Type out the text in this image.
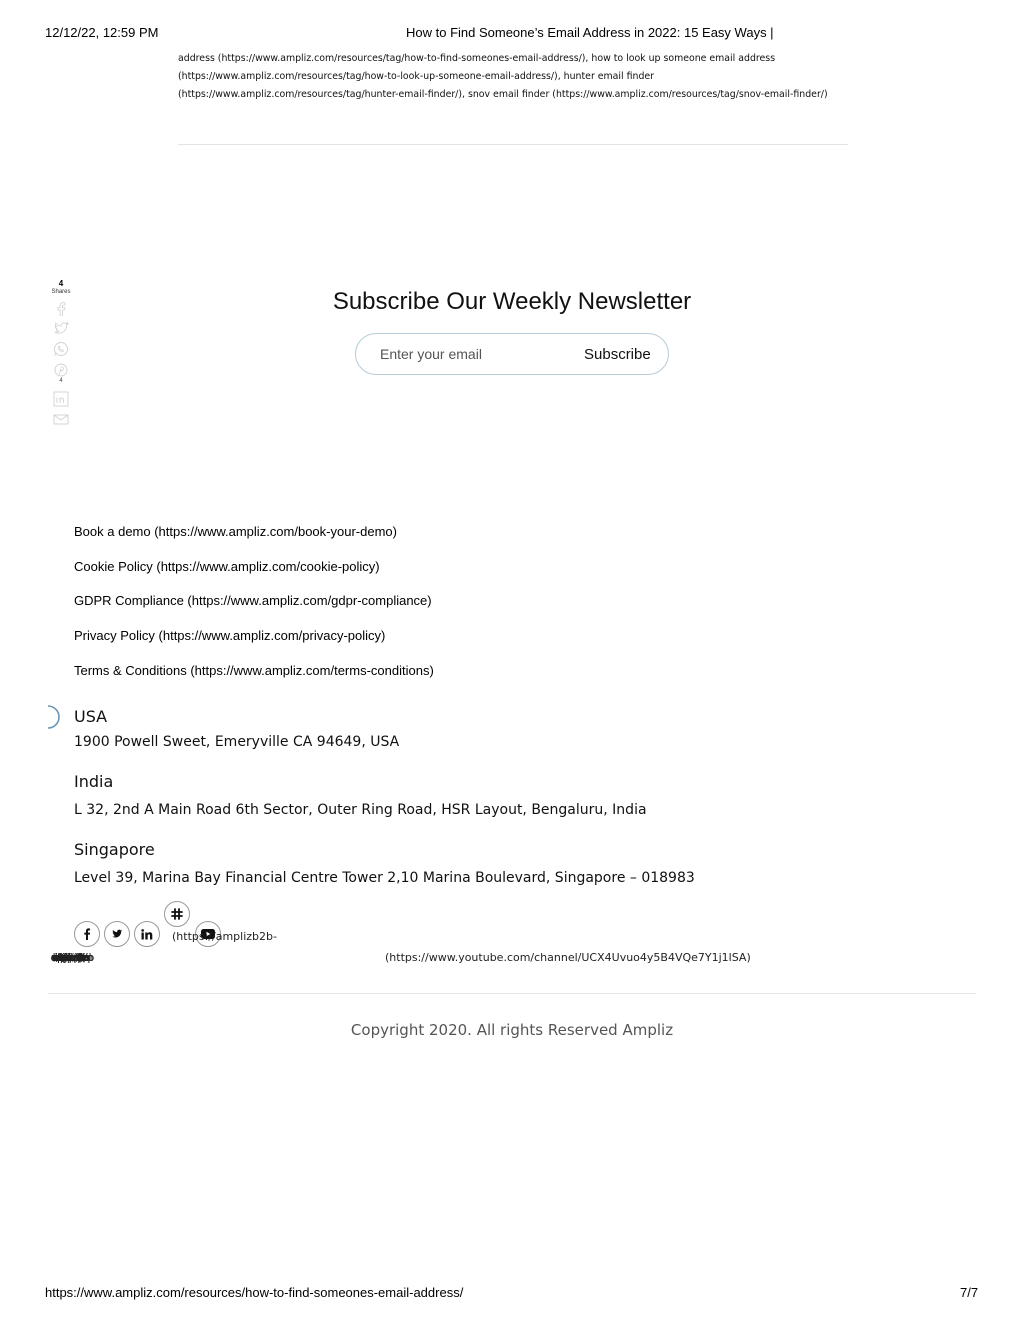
12/12/22, 12:59 PM	How to Find Someone’s Email Address in 2022: 15 Easy Ways |
address (https://www.ampliz.com/resources/tag/how-to-find-someones-email-address/), how to look up someone email address
(https://www.ampliz.com/resources/tag/how-to-look-up-someone-email-address/), hunter email finder
(https://www.ampliz.com/resources/tag/hunter-email-finder/), snov email finder (https://www.ampliz.com/resources/tag/snov-email-finder/)
4
Shares
4
Subscribe Our Weekly Newsletter
Enter your email
Subscribe
Book a demo (https://www.ampliz.com/book-your-demo)
Cookie Policy (https://www.ampliz.com/cookie-policy)
GDPR Compliance (https://www.ampliz.com/gdpr-compliance)
Privacy Policy (https://www.ampliz.com/privacy-policy)
Terms & Conditions (https://www.ampliz.com/terms-conditions)
USA
1900 Powell Sweet, Emeryville CA 94649, USA
India
L 32, 2nd A Main Road 6th Sector, Outer Ring Road, HSR Layout, Bengaluru, India
Singapore
Level 39, Marina Bay Financial Centre Tower 2,10 Marina Boulevard, Singapore – 018983
(https://amplizb2b-
(https://www.youtube.com/channel/UCX4Uvuo4y5B4VQe7Y1j1lSA)
Copyright 2020. All rights Reserved Ampliz
https://www.ampliz.com/resources/how-to-find-someones-email-address/	7/7
